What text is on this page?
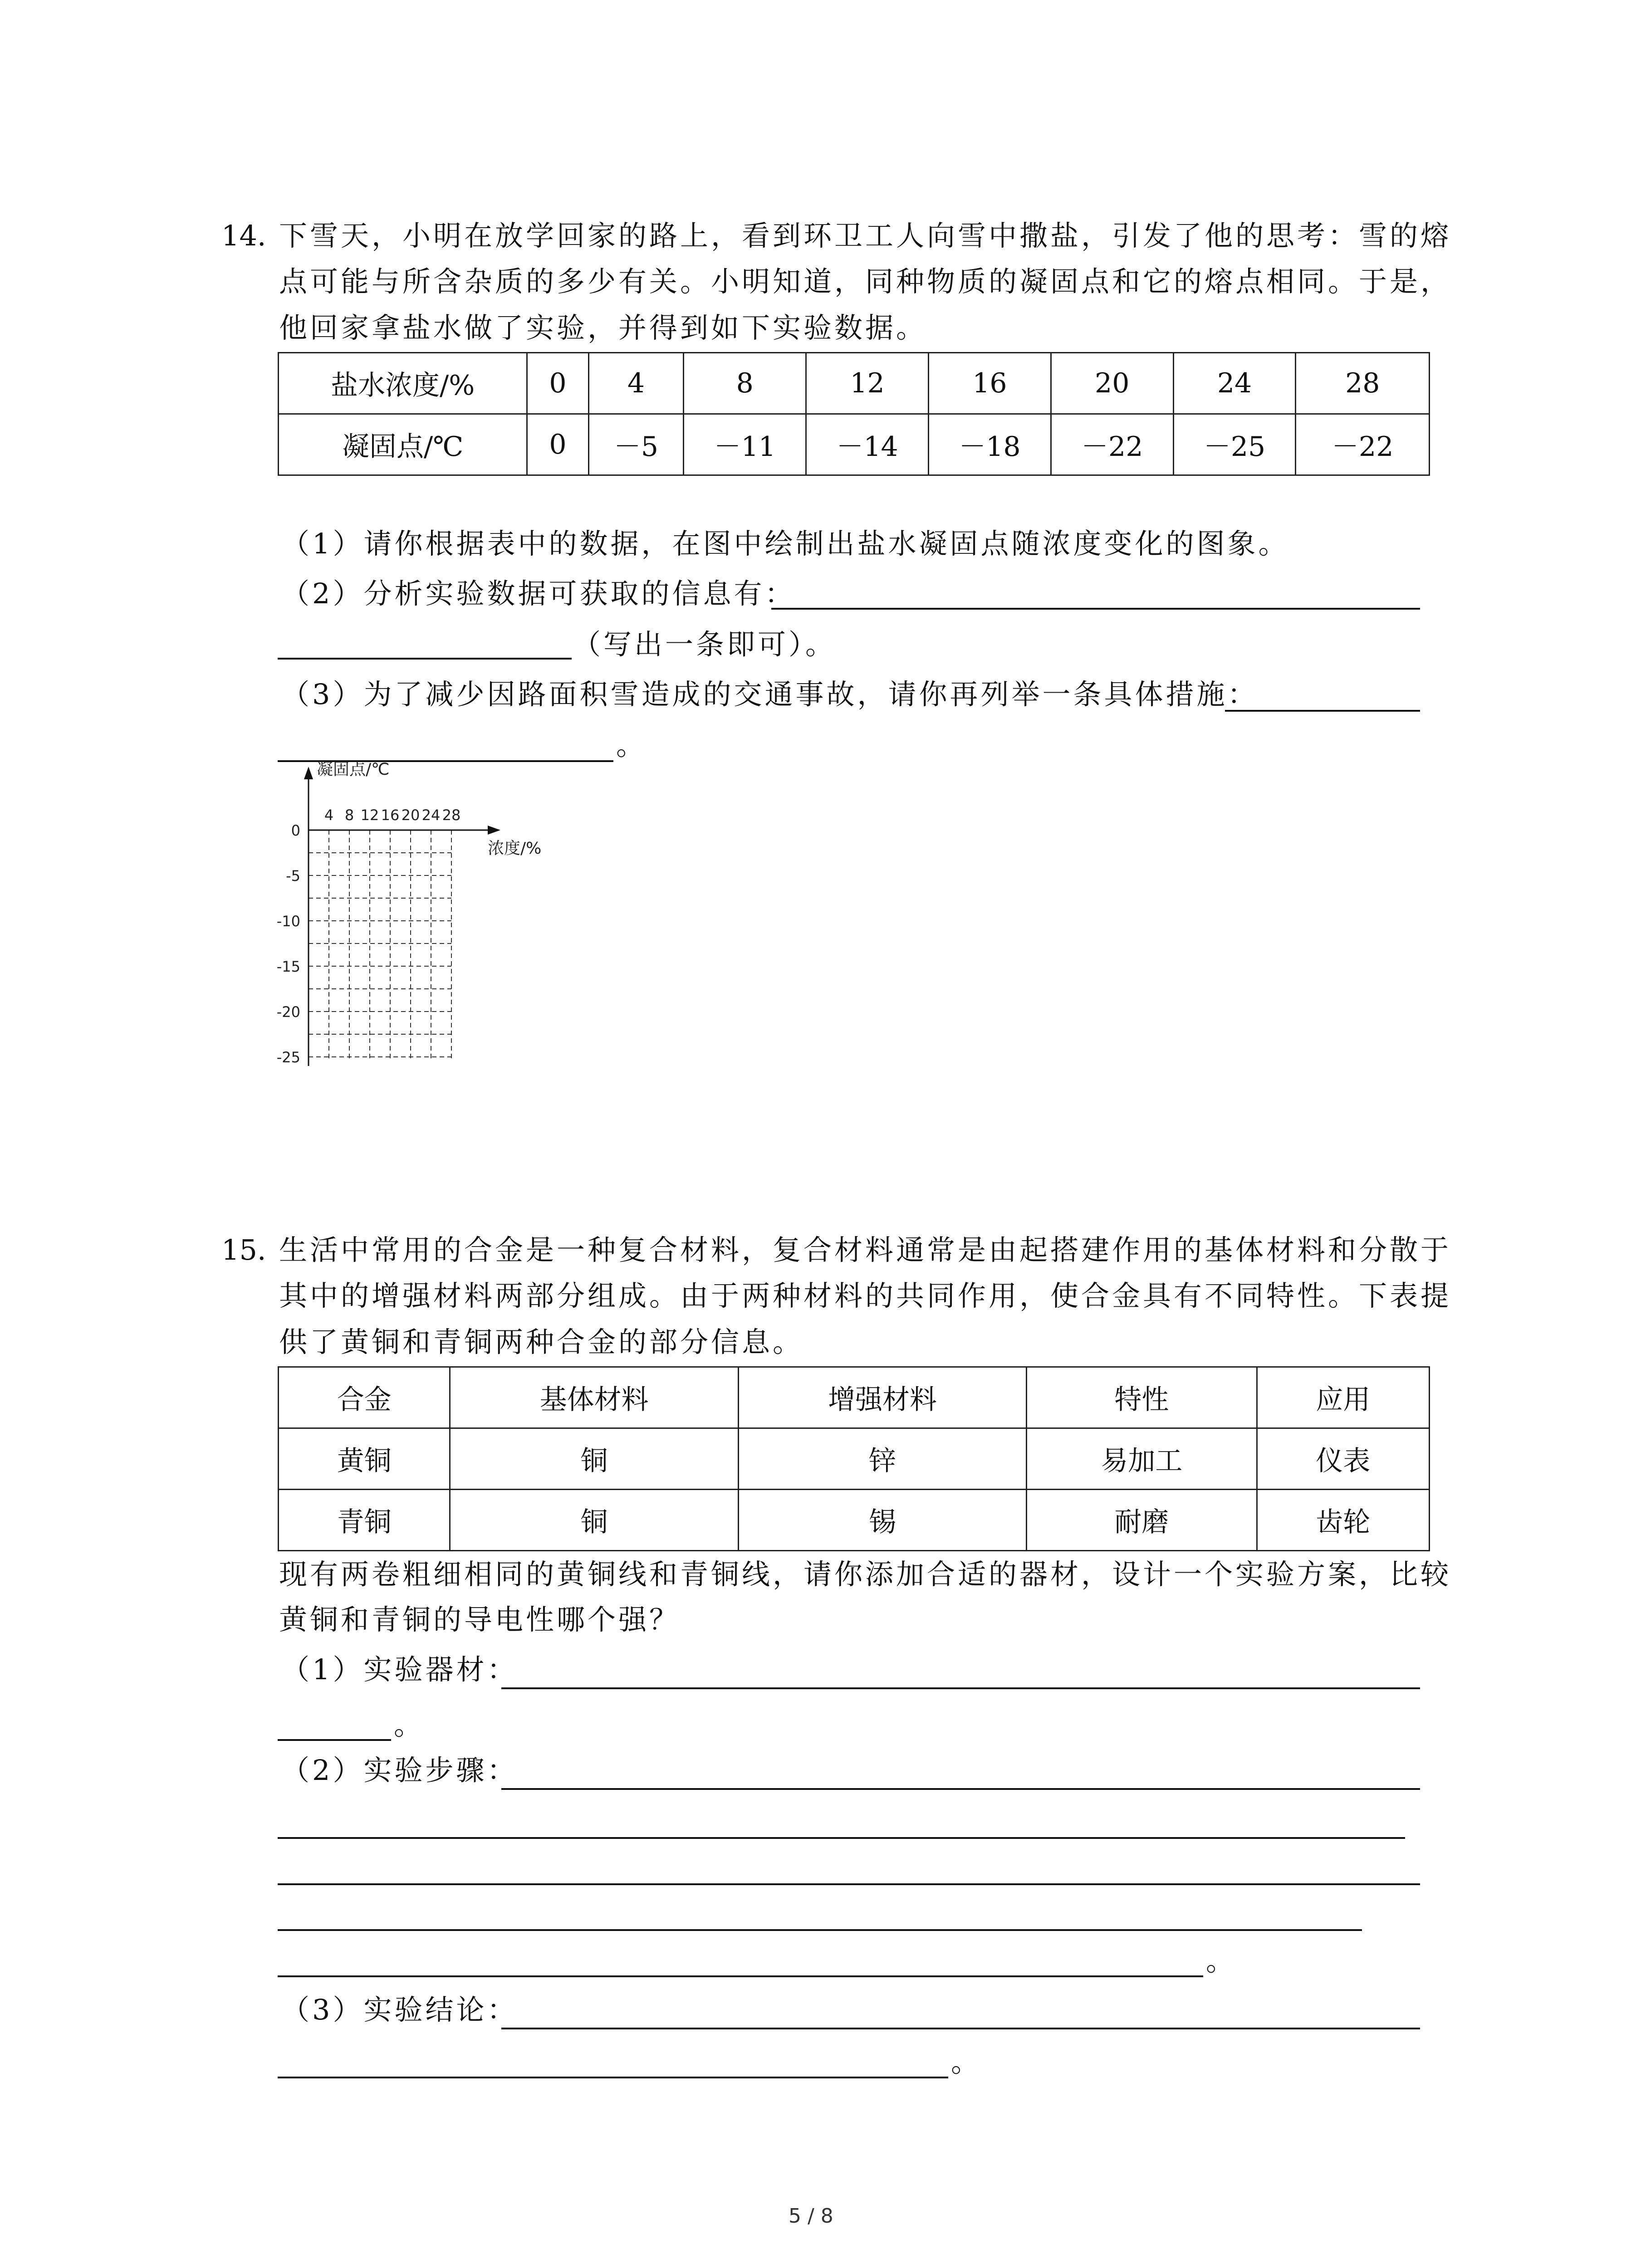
14. 下雪天，小明在放学回家的路上，看到环卫工人向雪中撒盐，引发了他的思考：雪的熔
点可能与所含杂质的多少有关。小明知道，同种物质的凝固点和它的熔点相同。于是，
他回家拿盐水做了实验，并得到如下实验数据。
盐水浓度/%	0	4	8	12	16	20	24	28
凝固点/℃	0	－5	－11	－14	－18	－22	－25	－22
（1）请你根据表中的数据，在图中绘制出盐水凝固点随浓度变化的图象。
（2）分析实验数据可获取的信息有：
（写出一条即可）。
（3）为了减少因路面积雪造成的交通事故，请你再列举一条具体措施：
。
4 8 12 16 20 24 28
0
-5
-10
-15
-20
-25
凝固点/℃
浓度/%
15. 生活中常用的合金是一种复合材料，复合材料通常是由起搭建作用的基体材料和分散于
其中的增强材料两部分组成。由于两种材料的共同作用，使合金具有不同特性。下表提
供了黄铜和青铜两种合金的部分信息。
合金	基体材料	增强材料	特性	应用
黄铜	铜	锌	易加工	仪表
青铜	铜	锡	耐磨	齿轮
现有两卷粗细相同的黄铜线和青铜线，请你添加合适的器材，设计一个实验方案，比较
黄铜和青铜的导电性哪个强？
（1）实验器材：
。
（2）实验步骤：
。
（3）实验结论：
。
5 / 8
